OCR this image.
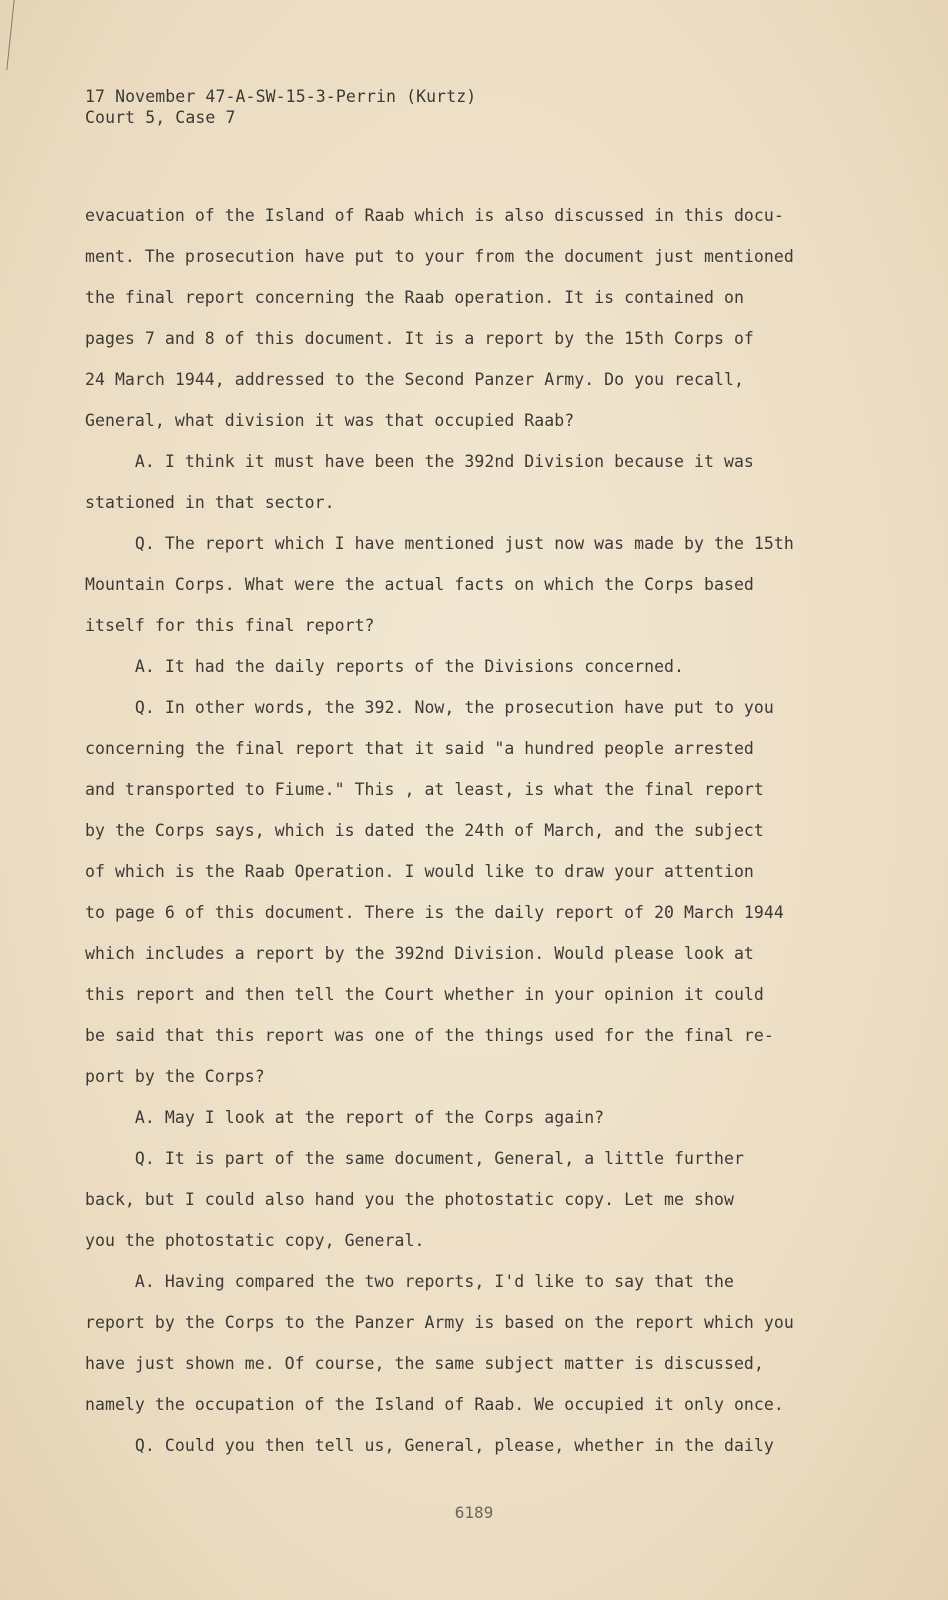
17 November 47-A-SW-15-3-Perrin (Kurtz)
Court 5, Case 7
evacuation of the Island of Raab which is also discussed in this docu-
ment. The prosecution have put to your from the document just mentioned
the final report concerning the Raab operation. It is contained on
pages 7 and 8 of this document. It is a report by the 15th Corps of
24 March 1944, addressed to the Second Panzer Army. Do you recall,
General, what division it was that occupied Raab?
A. I think it must have been the 392nd Division because it was
stationed in that sector.
Q. The report which I have mentioned just now was made by the 15th
Mountain Corps. What were the actual facts on which the Corps based
itself for this final report?
A. It had the daily reports of the Divisions concerned.
Q. In other words, the 392. Now, the prosecution have put to you
concerning the final report that it said "a hundred people arrested
and transported to Fiume." This , at least, is what the final report
by the Corps says, which is dated the 24th of March, and the subject
of which is the Raab Operation. I would like to draw your attention
to page 6 of this document. There is the daily report of 20 March 1944
which includes a report by the 392nd Division. Would please look at
this report and then tell the Court whether in your opinion it could
be said that this report was one of the things used for the final re-
port by the Corps?
A. May I look at the report of the Corps again?
Q. It is part of the same document, General, a little further
back, but I could also hand you the photostatic copy. Let me show
you the photostatic copy, General.
A. Having compared the two reports, I'd like to say that the
report by the Corps to the Panzer Army is based on the report which you
have just shown me. Of course, the same subject matter is discussed,
namely the occupation of the Island of Raab. We occupied it only once.
Q. Could you then tell us, General, please, whether in the daily
6189
